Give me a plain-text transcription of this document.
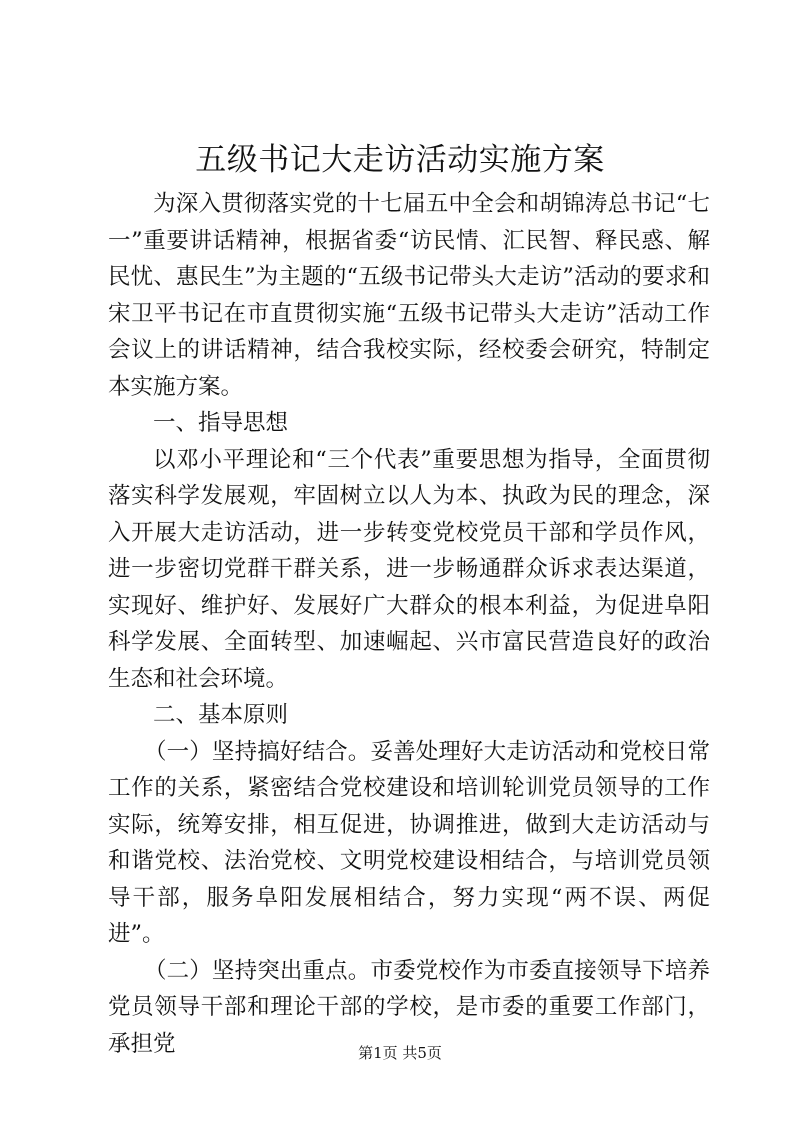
五级书记大走访活动实施方案

为深入贯彻落实党的十七届五中全会和胡锦涛总书记“七一”重要讲话精神，根据省委“访民情、汇民智、释民惑、解民忧、惠民生”为主题的“五级书记带头大走访”活动的要求和宋卫平书记在市直贯彻实施“五级书记带头大走访”活动工作会议上的讲话精神，结合我校实际，经校委会研究，特制定本实施方案。

一、指导思想

以邓小平理论和“三个代表”重要思想为指导，全面贯彻落实科学发展观，牢固树立以人为本、执政为民的理念，深入开展大走访活动，进一步转变党校党员干部和学员作风，进一步密切党群干群关系，进一步畅通群众诉求表达渠道，实现好、维护好、发展好广大群众的根本利益，为促进阜阳科学发展、全面转型、加速崛起、兴市富民营造良好的政治生态和社会环境。

二、基本原则

（一）坚持搞好结合。妥善处理好大走访活动和党校日常工作的关系，紧密结合党校建设和培训轮训党员领导的工作实际，统筹安排，相互促进，协调推进，做到大走访活动与和谐党校、法治党校、文明党校建设相结合，与培训党员领导干部，服务阜阳发展相结合，努力实现“两不误、两促进”。

（二）坚持突出重点。市委党校作为市委直接领导下培养党员领导干部和理论干部的学校，是市委的重要工作部门，承担党	第1页 共5页
